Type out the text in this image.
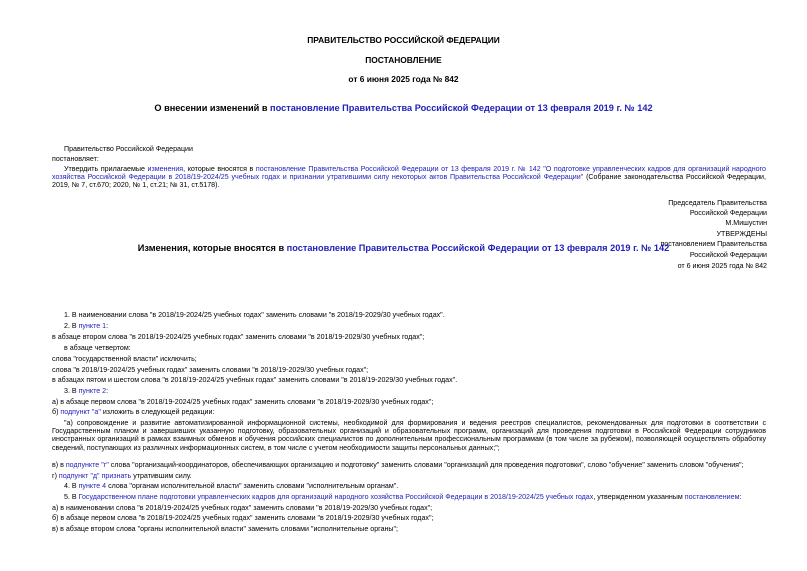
ПРАВИТЕЛЬСТВО РОССИЙСКОЙ ФЕДЕРАЦИИ
ПОСТАНОВЛЕНИЕ
от 6 июня 2025 года № 842
О внесении изменений в постановление Правительства Российской Федерации от 13 февраля 2019 г. № 142
Правительство Российской Федерации
постановляет:
Утвердить прилагаемые изменения, которые вносятся в постановление Правительства Российской Федерации от 13 февраля 2019 г. № 142 "О подготовке управленческих кадров для организаций народного хозяйства Российской Федерации в 2018/19-2024/25 учебных годах и признании утратившими силу некоторых актов Правительства Российской Федерации" (Собрание законодательства Российской Федерации, 2019, № 7, ст.670; 2020, № 1, ст.21; № 31, ст.5178).
Председатель Правительства
Российской Федерации
М.Мишустин
УТВЕРЖДЕНЫ
постановлением Правительства
Российской Федерации
от 6 июня 2025 года № 842
Изменения, которые вносятся в постановление Правительства Российской Федерации от 13 февраля 2019 г. № 142
1. В наименовании слова "в 2018/19-2024/25 учебных годах" заменить словами "в 2018/19-2029/30 учебных годах".
2. В пункте 1:
в абзаце втором слова "в 2018/19-2024/25 учебных годах" заменить словами "в 2018/19-2029/30 учебных годах";
в абзаце четвертом:
слова "государственной власти" исключить;
слова "в 2018/19-2024/25 учебных годах" заменить словами "в 2018/19-2029/30 учебных годах";
в абзацах пятом и шестом слова "в 2018/19-2024/25 учебных годах" заменить словами "в 2018/19-2029/30 учебных годах".
3. В пункте 2:
а) в абзаце первом слова "в 2018/19-2024/25 учебных годах" заменить словами "в 2018/19-2029/30 учебных годах";
б) подпункт "а" изложить в следующей редакции:
"а) сопровождение и развитие автоматизированной информационной системы, необходимой для формирования и ведения реестров специалистов, рекомендованных для подготовки в соответствии с Государственным планом и завершивших указанную подготовку, образовательных организаций и образовательных программ, организаций для проведения подготовки в Российской Федерации сотрудников иностранных организаций в рамках взаимных обменов и обучения российских специалистов по дополнительным профессиональным программам (в том числе за рубежом), позволяющей осуществлять обработку сведений, поступающих из различных информационных систем, в том числе с учетом необходимости защиты персональных данных;";
в) в подпункте "г" слова "организаций-координаторов, обеспечивающих организацию и подготовку" заменить словами "организаций для проведения подготовки", слово "обучение" заменить словом "обучения";
г) подпункт "д" признать утратившим силу.
4. В пункте 4 слова "органам исполнительной власти" заменить словами "исполнительным органам".
5. В Государственном плане подготовки управленческих кадров для организаций народного хозяйства Российской Федерации в 2018/19-2024/25 учебных годах, утвержденном указанным постановлением:
а) в наименовании слова "в 2018/19-2024/25 учебных годах" заменить словами "в 2018/19-2029/30 учебных годах";
б) в абзаце первом слова "в 2018/19-2024/25 учебных годах" заменить словами "в 2018/19-2029/30 учебных годах";
в) в абзаце втором слова "органы исполнительной власти" заменить словами "исполнительные органы";
